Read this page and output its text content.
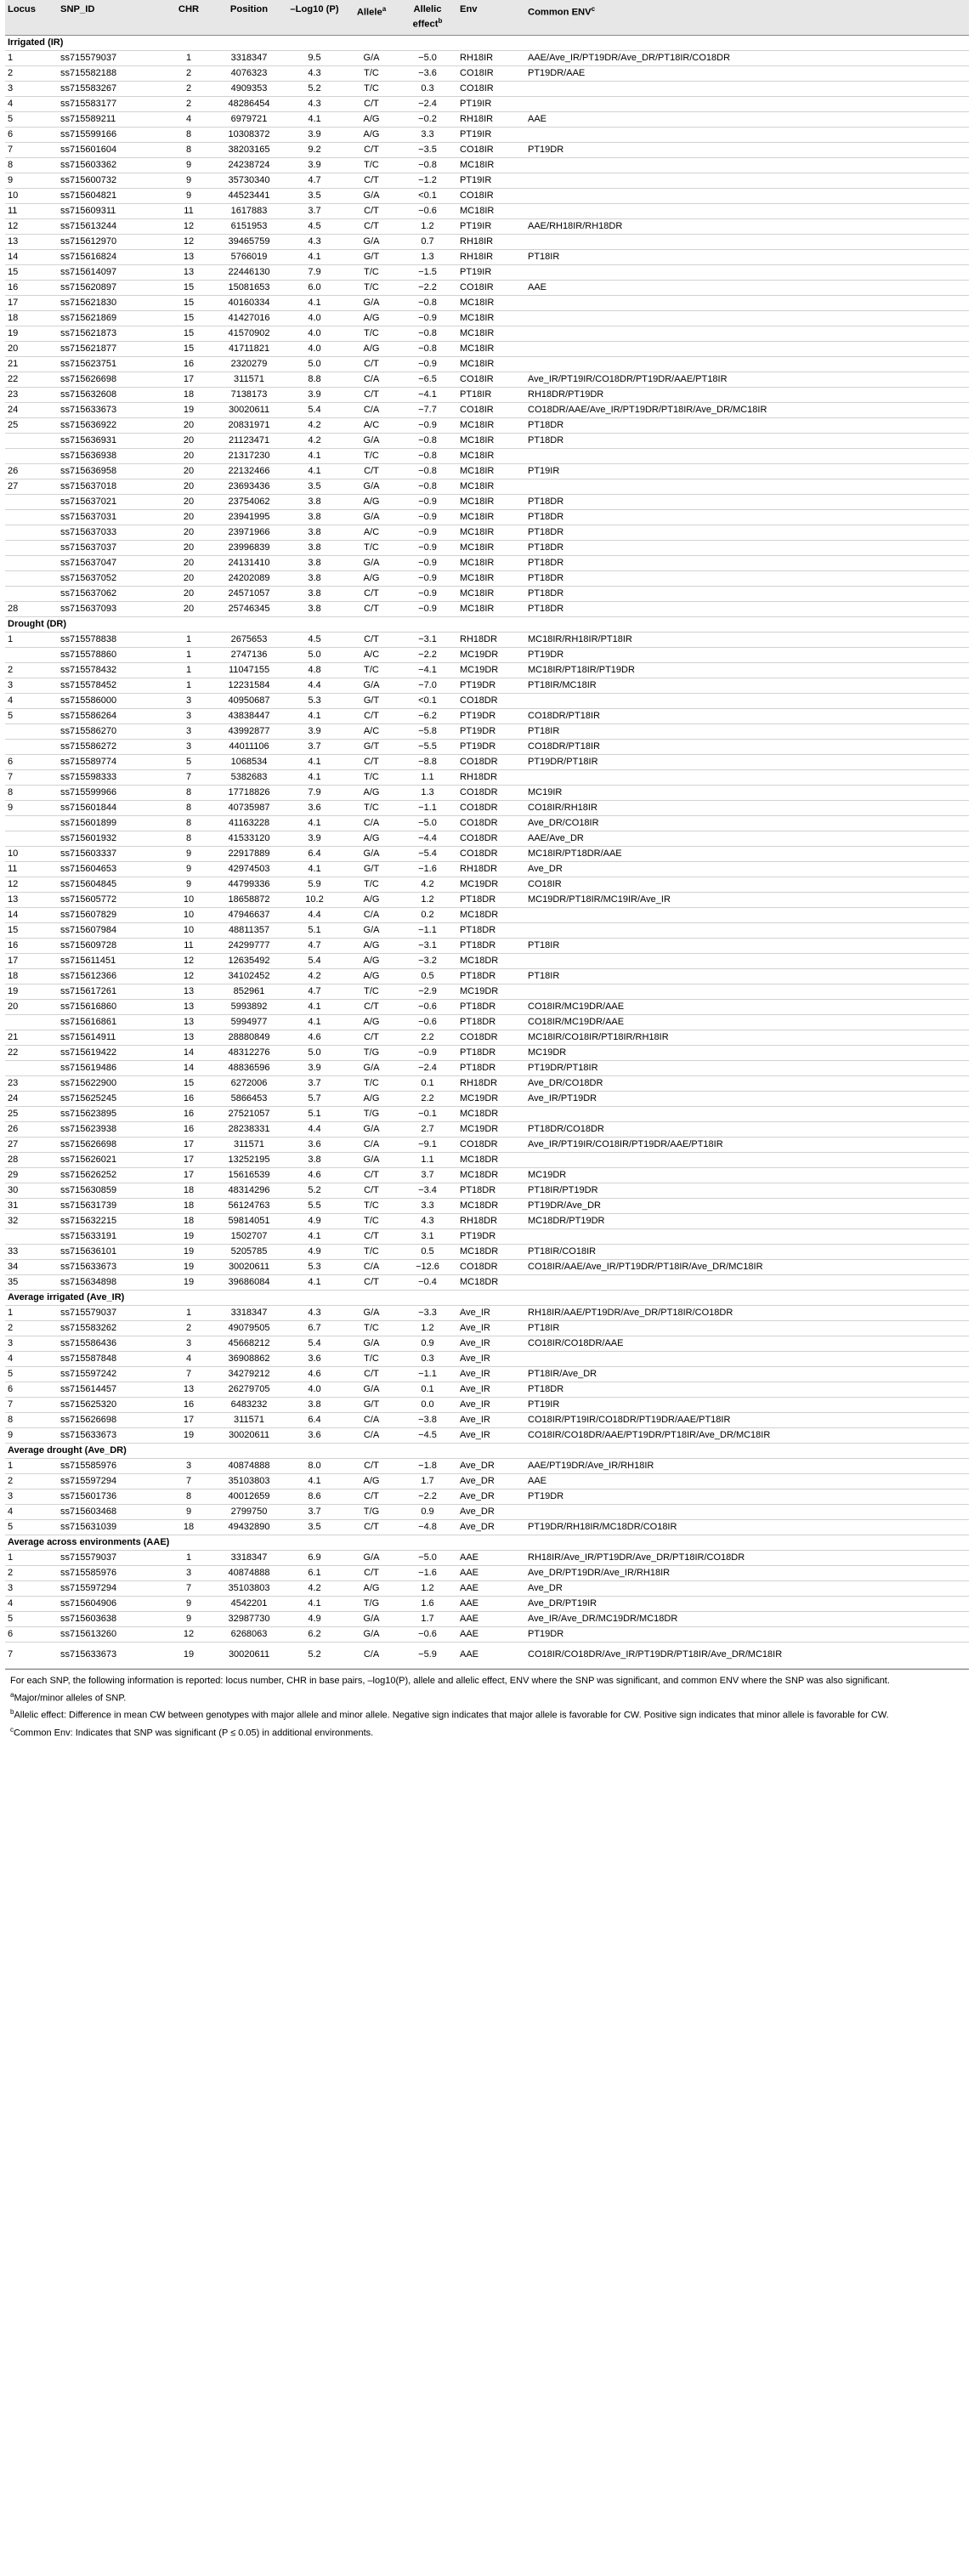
Locus	SNP_ID	CHR	Position	–Log10 (P)	Allele$^a$	Allelic effect$^b$	Env	Common ENV$^c$
Irrigated (IR)								
1	ss715579037	1	3318347	9.5	G/A	−5.0	RH18IR	AAE/Ave_IR/PT19DR/Ave_DR/PT18IR/CO18DR
2	ss715582188	2	4076323	4.3	T/C	−3.6	CO18IR	PT19DR/AAE
3	ss715583267	2	4909353	5.2	T/C	0.3	CO18IR	
4	ss715583177	2	48286454	4.3	C/T	−2.4	PT19IR	
5	ss715589211	4	6979721	4.1	A/G	−0.2	RH18IR	AAE
6	ss715599166	8	10308372	3.9	A/G	3.3	PT19IR	
7	ss715601604	8	38203165	9.2	C/T	−3.5	CO18IR	PT19DR
8	ss715603362	9	24238724	3.9	T/C	−0.8	MC18IR	
9	ss715600732	9	35730340	4.7	C/T	−1.2	PT19IR	
10	ss715604821	9	44523441	3.5	G/A	<0.1	CO18IR	
11	ss715609311	11	1617883	3.7	C/T	−0.6	MC18IR	
12	ss715613244	12	6151953	4.5	C/T	1.2	PT19IR	AAE/RH18IR/RH18DR
13	ss715612970	12	39465759	4.3	G/A	0.7	RH18IR	
14	ss715616824	13	5766019	4.1	G/T	1.3	RH18IR	PT18IR
15	ss715614097	13	22446130	7.9	T/C	−1.5	PT19IR	
16	ss715620897	15	15081653	6.0	T/C	−2.2	CO18IR	AAE
17	ss715621830	15	40160334	4.1	G/A	−0.8	MC18IR	
18	ss715621869	15	41427016	4.0	A/G	−0.9	MC18IR	
19	ss715621873	15	41570902	4.0	T/C	−0.8	MC18IR	
20	ss715621877	15	41711821	4.0	A/G	−0.8	MC18IR	
21	ss715623751	16	2320279	5.0	C/T	−0.9	MC18IR	
22	ss715626698	17	311571	8.8	C/A	−6.5	CO18IR	Ave_IR/PT19IR/CO18DR/PT19DR/AAE/PT18IR
23	ss715632608	18	7138173	3.9	C/T	−4.1	PT18IR	RH18DR/PT19DR
24	ss715633673	19	30020611	5.4	C/A	−7.7	CO18IR	CO18DR/AAE/Ave_IR/PT19DR/PT18IR/Ave_DR/MC18IR
25	ss715636922	20	20831971	4.2	A/C	−0.9	MC18IR	PT18DR
	ss715636931	20	21123471	4.2	G/A	−0.8	MC18IR	PT18DR
	ss715636938	20	21317230	4.1	T/C	−0.8	MC18IR	
26	ss715636958	20	22132466	4.1	C/T	−0.8	MC18IR	PT19IR
27	ss715637018	20	23693436	3.5	G/A	−0.8	MC18IR	
	ss715637021	20	23754062	3.8	A/G	−0.9	MC18IR	PT18DR
	ss715637031	20	23941995	3.8	G/A	−0.9	MC18IR	PT18DR
	ss715637033	20	23971966	3.8	A/C	−0.9	MC18IR	PT18DR
	ss715637037	20	23996839	3.8	T/C	−0.9	MC18IR	PT18DR
	ss715637047	20	24131410	3.8	G/A	−0.9	MC18IR	PT18DR
	ss715637052	20	24202089	3.8	A/G	−0.9	MC18IR	PT18DR
	ss715637062	20	24571057	3.8	C/T	−0.9	MC18IR	PT18DR
28	ss715637093	20	25746345	3.8	C/T	−0.9	MC18IR	PT18DR
Drought (DR)								
1	ss715578838	1	2675653	4.5	C/T	−3.1	RH18DR	MC18IR/RH18IR/PT18IR
	ss715578860	1	2747136	5.0	A/C	−2.2	MC19DR	PT19DR
2	ss715578432	1	11047155	4.8	T/C	−4.1	MC19DR	MC18IR/PT18IR/PT19DR
3	ss715578452	1	12231584	4.4	G/A	−7.0	PT19DR	PT18IR/MC18IR
4	ss715586000	3	40950687	5.3	G/T	<0.1	CO18DR	
5	ss715586264	3	43838447	4.1	C/T	−6.2	PT19DR	CO18DR/PT18IR
	ss715586270	3	43992877	3.9	A/C	−5.8	PT19DR	PT18IR
	ss715586272	3	44011106	3.7	G/T	−5.5	PT19DR	CO18DR/PT18IR
6	ss715589774	5	1068534	4.1	C/T	−8.8	CO18DR	PT19DR/PT18IR
7	ss715598333	7	5382683	4.1	T/C	1.1	RH18DR	
8	ss715599966	8	17718826	7.9	A/G	1.3	CO18DR	MC19IR
9	ss715601844	8	40735987	3.6	T/C	−1.1	CO18DR	CO18IR/RH18IR
	ss715601899	8	41163228	4.1	C/A	−5.0	CO18DR	Ave_DR/CO18IR
	ss715601932	8	41533120	3.9	A/G	−4.4	CO18DR	AAE/Ave_DR
10	ss715603337	9	22917889	6.4	G/A	−5.4	CO18DR	MC18IR/PT18DR/AAE
11	ss715604653	9	42974503	4.1	G/T	−1.6	RH18DR	Ave_DR
12	ss715604845	9	44799336	5.9	T/C	4.2	MC19DR	CO18IR
13	ss715605772	10	18658872	10.2	A/G	1.2	PT18DR	MC19DR/PT18IR/MC19IR/Ave_IR
14	ss715607829	10	47946637	4.4	C/A	0.2	MC18DR	
15	ss715607984	10	48811357	5.1	G/A	−1.1	PT18DR	
16	ss715609728	11	24299777	4.7	A/G	−3.1	PT18DR	PT18IR
17	ss715611451	12	12635492	5.4	A/G	−3.2	MC18DR	
18	ss715612366	12	34102452	4.2	A/G	0.5	PT18DR	PT18IR
19	ss715617261	13	852961	4.7	T/C	−2.9	MC19DR	
20	ss715616860	13	5993892	4.1	C/T	−0.6	PT18DR	CO18IR/MC19DR/AAE
	ss715616861	13	5994977	4.1	A/G	−0.6	PT18DR	CO18IR/MC19DR/AAE
21	ss715614911	13	28880849	4.6	C/T	2.2	CO18DR	MC18IR/CO18IR/PT18IR/RH18IR
22	ss715619422	14	48312276	5.0	T/G	−0.9	PT18DR	MC19DR
	ss715619486	14	48836596	3.9	G/A	−2.4	PT18DR	PT19DR/PT18IR
23	ss715622900	15	6272006	3.7	T/C	0.1	RH18DR	Ave_DR/CO18DR
24	ss715625245	16	5866453	5.7	A/G	2.2	MC19DR	Ave_IR/PT19DR
25	ss715623895	16	27521057	5.1	T/G	−0.1	MC18DR	
26	ss715623938	16	28238331	4.4	G/A	2.7	MC19DR	PT18DR/CO18DR
27	ss715626698	17	311571	3.6	C/A	−9.1	CO18DR	Ave_IR/PT19IR/CO18IR/PT19DR/AAE/PT18IR
28	ss715626021	17	13252195	3.8	G/A	1.1	MC18DR	
29	ss715626252	17	15616539	4.6	C/T	3.7	MC18DR	MC19DR
30	ss715630859	18	48314296	5.2	C/T	−3.4	PT18DR	PT18IR/PT19DR
31	ss715631739	18	56124763	5.5	T/C	3.3	MC18DR	PT19DR/Ave_DR
32	ss715632215	18	59814051	4.9	T/C	4.3	RH18DR	MC18DR/PT19DR
	ss715633191	19	1502707	4.1	C/T	3.1	PT19DR	
33	ss715636101	19	5205785	4.9	T/C	0.5	MC18DR	PT18IR/CO18IR
34	ss715633673	19	30020611	5.3	C/A	−12.6	CO18DR	CO18IR/AAE/Ave_IR/PT19DR/PT18IR/Ave_DR/MC18IR
35	ss715634898	19	39686084	4.1	C/T	−0.4	MC18DR	
Average irrigated (Ave_IR)								
1	ss715579037	1	3318347	4.3	G/A	−3.3	Ave_IR	RH18IR/AAE/PT19DR/Ave_DR/PT18IR/CO18DR
2	ss715583262	2	49079505	6.7	T/C	1.2	Ave_IR	PT18IR
3	ss715586436	3	45668212	5.4	G/A	0.9	Ave_IR	CO18IR/CO18DR/AAE
4	ss715587848	4	36908862	3.6	T/C	0.3	Ave_IR	
5	ss715597242	7	34279212	4.6	C/T	−1.1	Ave_IR	PT18IR/Ave_DR
6	ss715614457	13	26279705	4.0	G/A	0.1	Ave_IR	PT18DR
7	ss715625320	16	6483232	3.8	G/T	0.0	Ave_IR	PT19IR
8	ss715626698	17	311571	6.4	C/A	−3.8	Ave_IR	CO18IR/PT19IR/CO18DR/PT19DR/AAE/PT18IR
9	ss715633673	19	30020611	3.6	C/A	−4.5	Ave_IR	CO18IR/CO18DR/AAE/PT19DR/PT18IR/Ave_DR/MC18IR
Average drought (Ave_DR)								
1	ss715585976	3	40874888	8.0	C/T	−1.8	Ave_DR	AAE/PT19DR/Ave_IR/RH18IR
2	ss715597294	7	35103803	4.1	A/G	1.7	Ave_DR	AAE
3	ss715601736	8	40012659	8.6	C/T	−2.2	Ave_DR	PT19DR
4	ss715603468	9	2799750	3.7	T/G	0.9	Ave_DR	
5	ss715631039	18	49432890	3.5	C/T	−4.8	Ave_DR	PT19DR/RH18IR/MC18DR/CO18IR
Average across environments (AAE)								
1	ss715579037	1	3318347	6.9	G/A	−5.0	AAE	RH18IR/Ave_IR/PT19DR/Ave_DR/PT18IR/CO18DR
2	ss715585976	3	40874888	6.1	C/T	−1.6	AAE	Ave_DR/PT19DR/Ave_IR/RH18IR
3	ss715597294	7	35103803	4.2	A/G	1.2	AAE	Ave_DR
4	ss715604906	9	4542201	4.1	T/G	1.6	AAE	Ave_DR/PT19IR
5	ss715603638	9	32987730	4.9	G/A	1.7	AAE	Ave_IR/Ave_DR/MC19DR/MC18DR
6	ss715613260	12	6268063	6.2	G/A	−0.6	AAE	PT19DR
7	ss715633673	19	30020611	5.2	C/A	−5.9	AAE	CO18IR/CO18DR/Ave_IR/PT19DR/PT18IR/Ave_DR/MC18IR

For each SNP, the following information is reported: locus number, CHR in base pairs, –log10(P), allele and allelic effect, ENV where the SNP was significant, and common ENV where the SNP was also significant.

$^a$Major/minor alleles of SNP.

$^b$Allelic effect: Difference in mean CW between genotypes with major allele and minor allele. Negative sign indicates that major allele is favorable for CW. Positive sign indicates that minor allele is favorable for CW.

$^c$Common Env: Indicates that SNP was significant (P ≤ 0.05) in additional environments.
